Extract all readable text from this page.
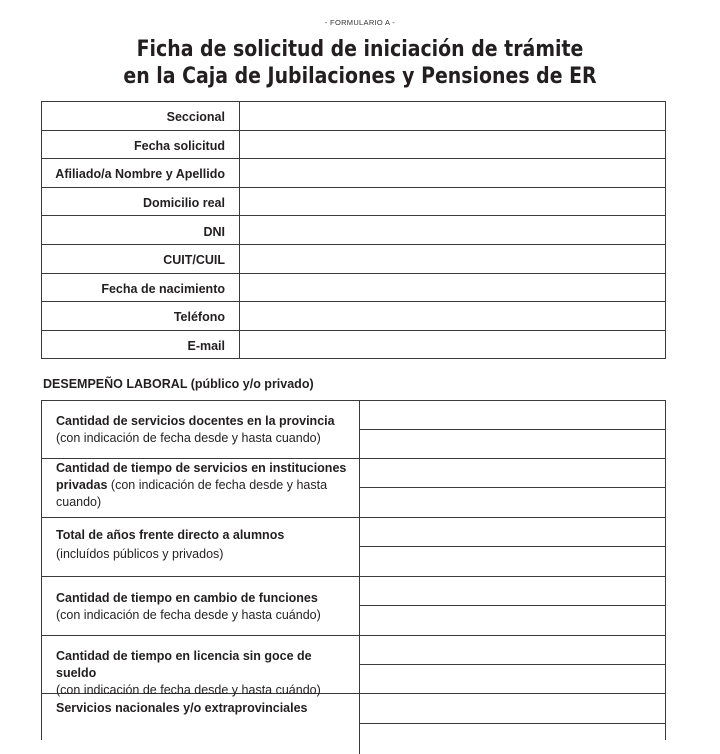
- FORMULARIO A -
Ficha de solicitud de iniciación de trámite
en la Caja de Jubilaciones y Pensiones de ER
Seccional	
Fecha solicitud	
Afiliado/a Nombre y Apellido	
Domicilio real	
DNI	
CUIT/CUIL	
Fecha de nacimiento	
Teléfono	
E-mail	
DESEMPEÑO LABORAL (público y/o privado)
Cantidad de servicios docentes en la provincia
(con indicación de fecha desde y hasta cuando)
Cantidad de tiempo de servicios en instituciones privadas (con indicación de fecha desde y hasta cuando)
Total de años frente directo a alumnos
(incluídos públicos y privados)
Cantidad de tiempo en cambio de funciones
(con indicación de fecha desde y hasta cuándo)
Cantidad de tiempo en licencia sin goce de sueldo
(con indicación de fecha desde y hasta cuándo)
Servicios nacionales y/o extraprovinciales
